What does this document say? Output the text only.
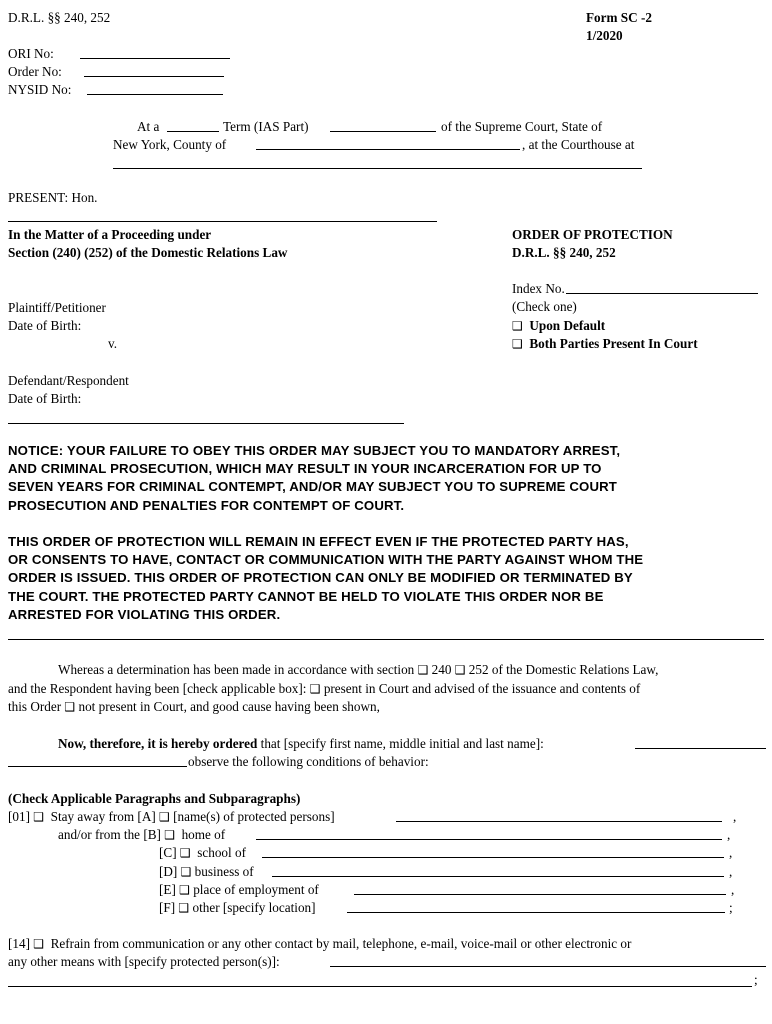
D.R.L. §§ 240, 252	Form SC -2
1/2020
ORI No:
Order No:
NYSID No:
At a	Term (IAS Part)	of the Supreme Court, State of
New York, County of	, at the Courthouse at
PRESENT: Hon.
In the Matter of a Proceeding under
Section (240) (252) of the Domestic Relations Law
Plaintiff/Petitioner
Date of Birth:
v.
Defendant/Respondent
Date of Birth:
ORDER OF PROTECTION
D.R.L. §§ 240, 252
Index No.
(Check one)
❑ Upon Default
❑ Both Parties Present In Court
NOTICE: YOUR FAILURE TO OBEY THIS ORDER MAY SUBJECT YOU TO MANDATORY ARREST,
AND CRIMINAL PROSECUTION, WHICH MAY RESULT IN YOUR INCARCERATION FOR UP TO
SEVEN YEARS FOR CRIMINAL CONTEMPT, AND/OR MAY SUBJECT YOU TO SUPREME COURT
PROSECUTION AND PENALTIES FOR CONTEMPT OF COURT.
THIS ORDER OF PROTECTION WILL REMAIN IN EFFECT EVEN IF THE PROTECTED PARTY HAS,
OR CONSENTS TO HAVE, CONTACT OR COMMUNICATION WITH THE PARTY AGAINST WHOM THE
ORDER IS ISSUED. THIS ORDER OF PROTECTION CAN ONLY BE MODIFIED OR TERMINATED BY
THE COURT. THE PROTECTED PARTY CANNOT BE HELD TO VIOLATE THIS ORDER NOR BE
ARRESTED FOR VIOLATING THIS ORDER.
Whereas a determination has been made in accordance with section ❑ 240 ❑ 252 of the Domestic Relations Law,
and the Respondent having been [check applicable box]: ❑ present in Court and advised of the issuance and contents of
this Order ❑ not present in Court, and good cause having been shown,
Now, therefore, it is hereby ordered that [specify first name, middle initial and last name]:
observe the following conditions of behavior:
(Check Applicable Paragraphs and Subparagraphs)
[01] ❑ Stay away from [A] ❑ [name(s) of protected persons]	,
and/or from the [B] ❑ home of	,
[C] ❑ school of	,
[D] ❑ business of	,
[E] ❑ place of employment of	,
[F] ❑ other [specify location]	;
[14] ❑ Refrain from communication or any other contact by mail, telephone, e-mail, voice-mail or other electronic or
any other means with [specify protected person(s)]:
;
